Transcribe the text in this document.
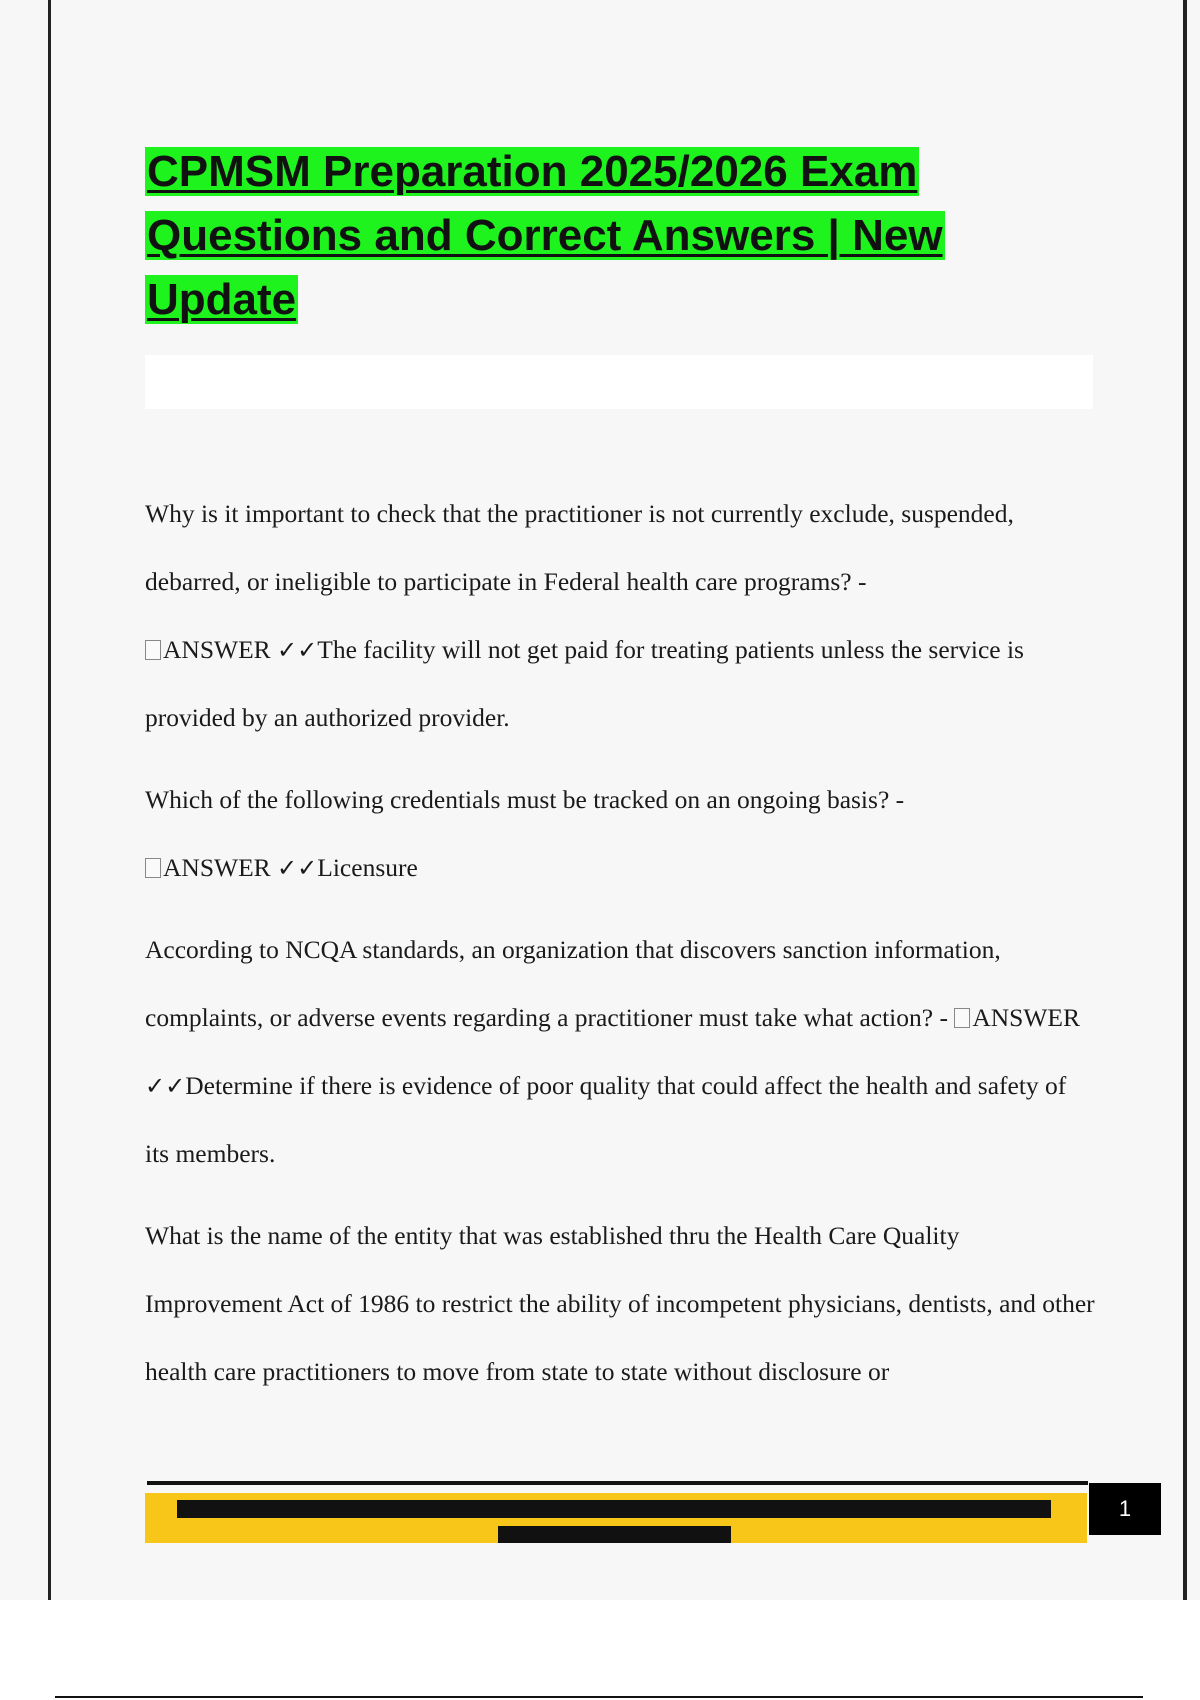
CPMSM Preparation 2025/2026 Exam
Questions and Correct Answers | New
Update

Why is it important to check that the practitioner is not currently exclude, suspended, debarred, or ineligible to participate in Federal health care programs? -
ANSWER ✓✓The facility will not get paid for treating patients unless the service is provided by an authorized provider.

Which of the following credentials must be tracked on an ongoing basis? -
ANSWER ✓✓Licensure

According to NCQA standards, an organization that discovers sanction information, complaints, or adverse events regarding a practitioner must take what action? - ANSWER ✓✓Determine if there is evidence of poor quality that could affect the health and safety of its members.

What is the name of the entity that was established thru the Health Care Quality Improvement Act of 1986 to restrict the ability of incompetent physicians, dentists, and other health care practitioners to move from state to state without disclosure or

1
